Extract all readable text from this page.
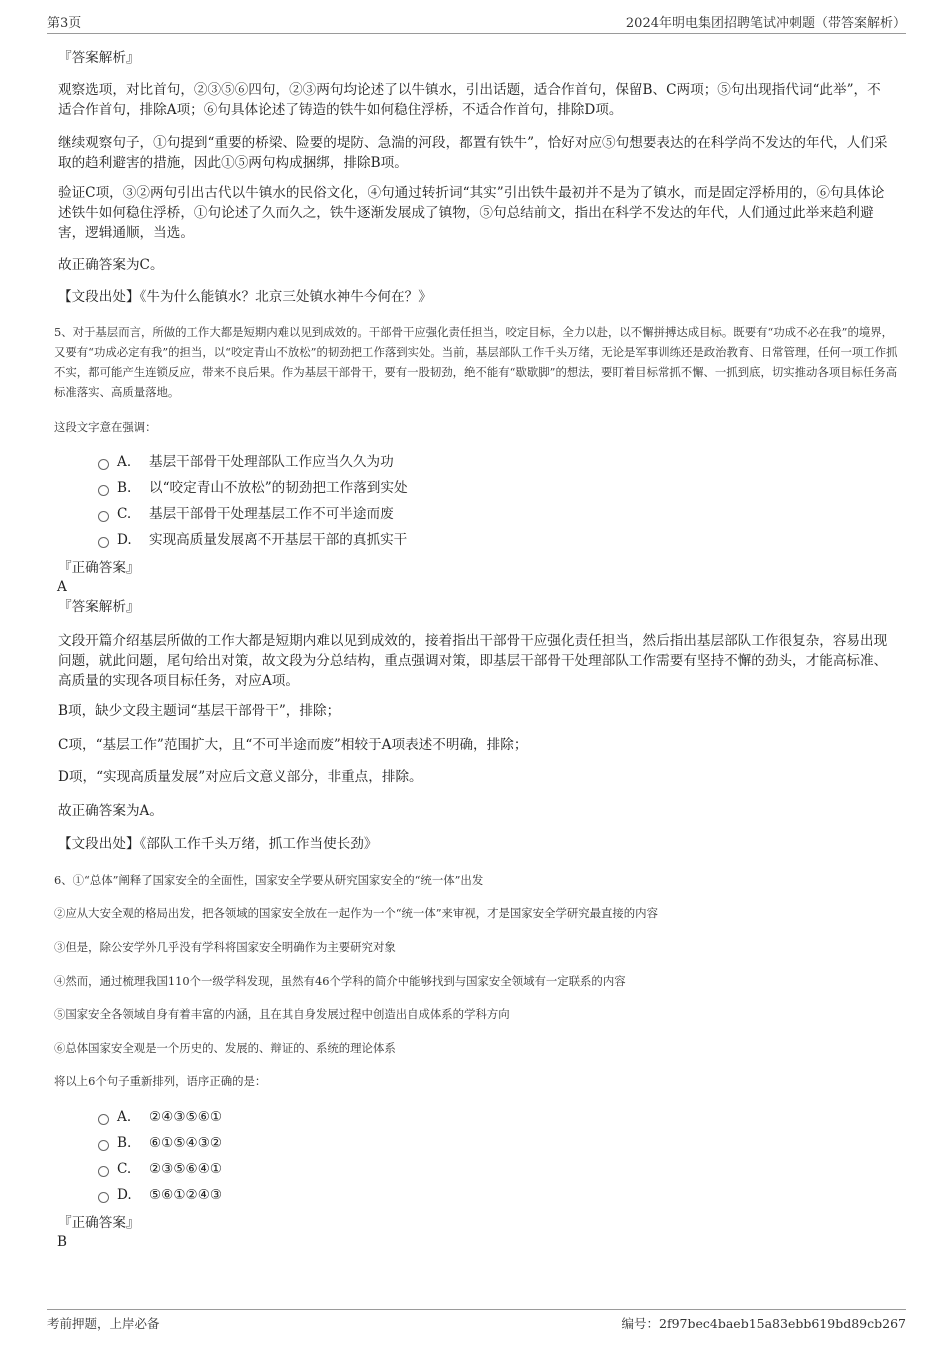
第3页	2024年明电集团招聘笔试冲刺题（带答案解析）
『答案解析』
观察选项，对比首句，②③⑤⑥四句，②③两句均论述了以牛镇水，引出话题，适合作首句，保留B、C两项；⑤句出现指代词“此举”，不适合作首句，排除A项；⑥句具体论述了铸造的铁牛如何稳住浮桥，不适合作首句，排除D项。
继续观察句子，①句提到“重要的桥梁、险要的堤防、急湍的河段，都置有铁牛”，恰好对应⑤句想要表达的在科学尚不发达的年代，人们采取的趋利避害的措施，因此①⑤两句构成捆绑，排除B项。
验证C项，③②两句引出古代以牛镇水的民俗文化，④句通过转折词“其实”引出铁牛最初并不是为了镇水，而是固定浮桥用的，⑥句具体论述铁牛如何稳住浮桥，①句论述了久而久之，铁牛逐渐发展成了镇物，⑤句总结前文，指出在科学不发达的年代，人们通过此举来趋利避害，逻辑通顺，当选。
故正确答案为C。
【文段出处】《牛为什么能镇水？北京三处镇水神牛今何在？》
5、对于基层而言，所做的工作大都是短期内难以见到成效的。干部骨干应强化责任担当，咬定目标，全力以赴，以不懈拼搏达成目标。既要有“功成不必在我”的境界，又要有“功成必定有我”的担当，以“咬定青山不放松”的韧劲把工作落到实处。当前，基层部队工作千头万绪，无论是军事训练还是政治教育、日常管理，任何一项工作抓不实，都可能产生连锁反应，带来不良后果。作为基层干部骨干，要有一股韧劲，绝不能有“歇歇脚”的想法，要盯着目标常抓不懈、一抓到底，切实推动各项目标任务高标准落实、高质量落地。
这段文字意在强调：
A． 基层干部骨干处理部队工作应当久久为功
B.	以“咬定青山不放松”的韧劲把工作落到实处
C.	基层干部骨干处理基层工作不可半途而废
D.	实现高质量发展离不开基层干部的真抓实干
『正确答案』
A
『答案解析』
文段开篇介绍基层所做的工作大都是短期内难以见到成效的，接着指出干部骨干应强化责任担当，然后指出基层部队工作很复杂，容易出现问题，就此问题，尾句给出对策，故文段为分总结构，重点强调对策，即基层干部骨干处理部队工作需要有坚持不懈的劲头，才能高标准、高质量的实现各项目标任务，对应A项。
B项，缺少文段主题词“基层干部骨干”，排除；
C项，“基层工作”范围扩大，且“不可半途而废”相较于A项表述不明确，排除；
D项，“实现高质量发展”对应后文意义部分，非重点，排除。
故正确答案为A。
【文段出处】《部队工作千头万绪，抓工作当使长劲》
6、①“总体”阐释了国家安全的全面性，国家安全学要从研究国家安全的“统一体”出发
②应从大安全观的格局出发，把各领域的国家安全放在一起作为一个“统一体”来审视，才是国家安全学研究最直接的内容
③但是，除公安学外几乎没有学科将国家安全明确作为主要研究对象
④然而，通过梳理我国110个一级学科发现，虽然有46个学科的简介中能够找到与国家安全领域有一定联系的内容
⑤国家安全各领域自身有着丰富的内涵，且在其自身发展过程中创造出自成体系的学科方向
⑥总体国家安全观是一个历史的、发展的、辩证的、系统的理论体系
将以上6个句子重新排列，语序正确的是：
A． ②④③⑤⑥①
B.	⑥①⑤④③②
C.	②③⑤⑥④①
D.	⑤⑥①②④③
『正确答案』
B
考前押题，上岸必备	编号：2f97bec4baeb15a83ebb619bd89cb267
